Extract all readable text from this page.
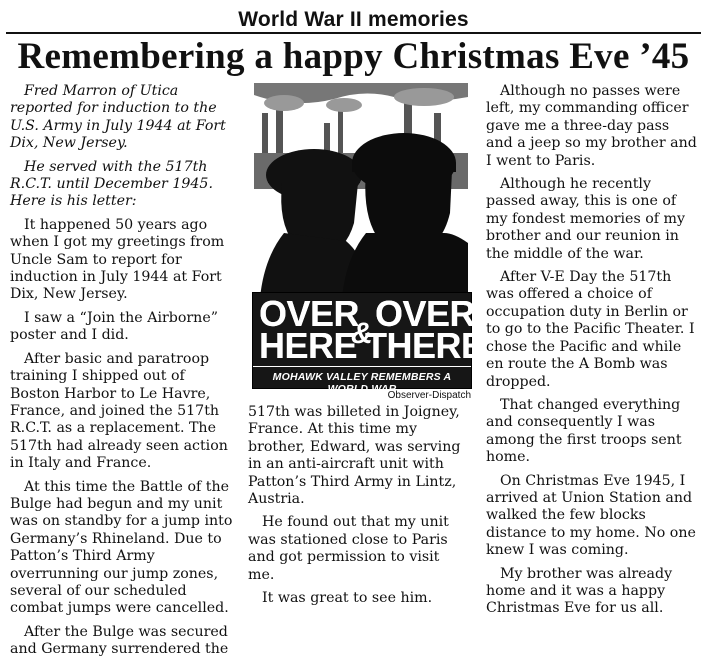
World War II memories
Remembering a happy Christmas Eve ’45

Fred Marron of Utica reported for induction to the U.S. Army in July 1944 at Fort Dix, New Jersey.

He served with the 517th R.C.T. until December 1945. Here is his letter:

It happened 50 years ago when I got my greetings from Uncle Sam to report for induction in July 1944 at Fort Dix, New Jersey.

I saw a “Join the Airborne” poster and I did.

After basic and paratroop training I shipped out of Boston Harbor to Le Havre, France, and joined the 517th R.C.T. as a replacement. The 517th had already seen action in Italy and France.

At this time the Battle of the Bulge had begun and my unit was on standby for a jump into Germany’s Rhineland. Due to Patton’s Third Army overrunning our jump zones, several of our scheduled combat jumps were cancelled.

After the Bulge was secured and Germany surrendered the

OVER
HERE
& OVER
THERE
MOHAWK VALLEY REMEMBERS A WORLD WAR
Observer-Dispatch

517th was billeted in Joigney, France. At this time my brother, Edward, was serving in an anti-aircraft unit with Patton’s Third Army in Lintz, Austria.

He found out that my unit was stationed close to Paris and got permission to visit me.

It was great to see him.

Although no passes were left, my commanding officer gave me a three-day pass and a jeep so my brother and I went to Paris.

Although he recently passed away, this is one of my fondest memories of my brother and our reunion in the middle of the war.

After V-E Day the 517th was offered a choice of occupation duty in Berlin or to go to the Pacific Theater. I chose the Pacific and while en route the A Bomb was dropped.

That changed everything and consequently I was among the first troops sent home.

On Christmas Eve 1945, I arrived at Union Station and walked the few blocks distance to my home. No one knew I was coming.

My brother was already home and it was a happy Christmas Eve for us all.
